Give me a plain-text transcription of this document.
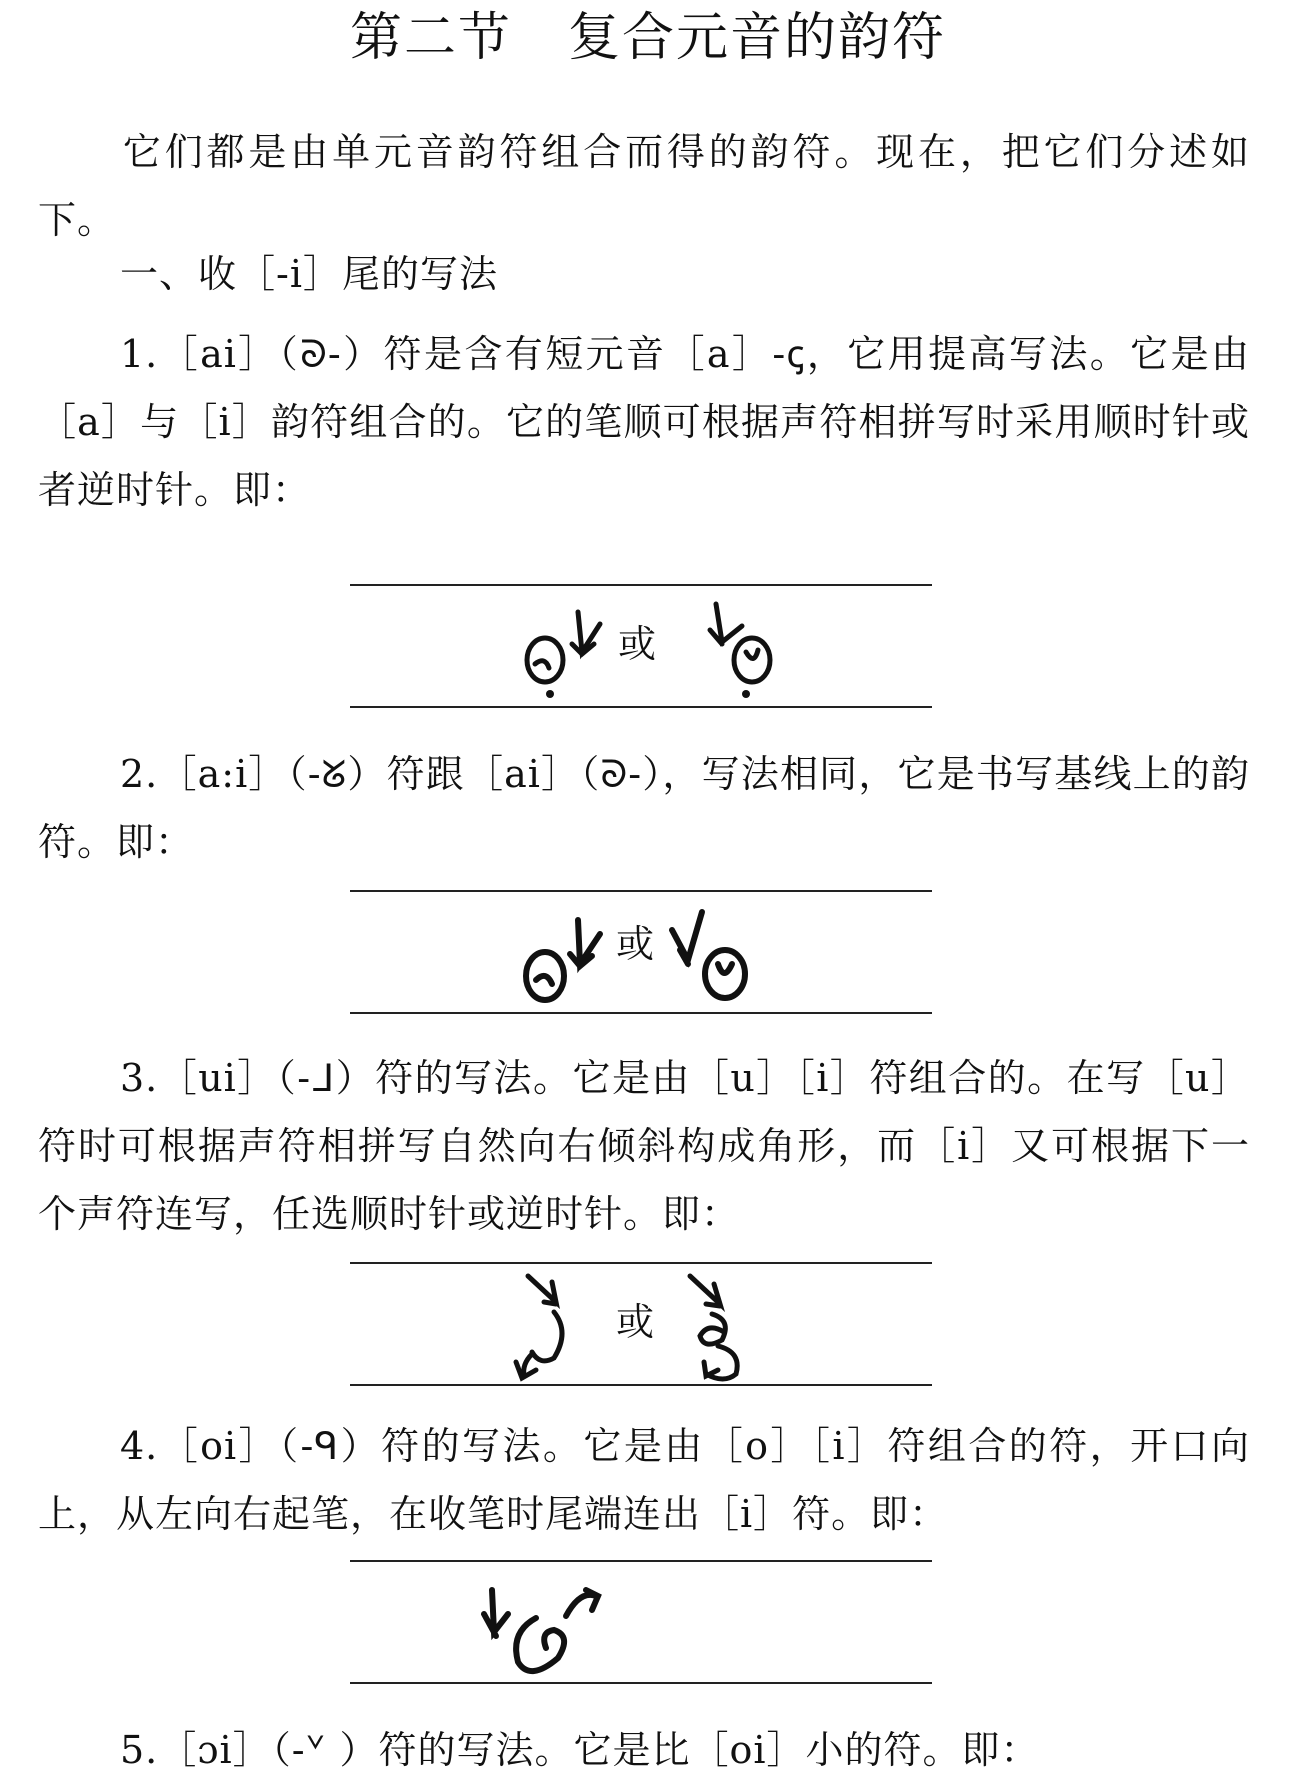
第二节 复合元音的韵符
它们都是由单元音韵符组合而得的韵符。现在，把它们分述如下。
一、收［-i］尾的写法
1.［ai］（ᘐ-）符是含有短元音［a］-ꞔ，它用提高写法。它是由［a］与［i］韵符组合的。它的笔顺可根据声符相拼写时采用顺时针或者逆时针。即：
或
2.［a:i］（-ᘜ）符跟［ai］（ᘐ-），写法相同，它是书写基线上的韵符。即：
或
3.［ui］（-ᒧ）符的写法。它是由［u］［i］符组合的。在写［u］符时可根据声符相拼写自然向右倾斜构成角形，而［i］又可根据下一个声符连写，任选顺时针或逆时针。即：
或
4.［oi］（-ᑫ）符的写法。它是由［o］［i］符组合的符，开口向上，从左向右起笔，在收笔时尾端连出［i］符。即：
5.［ɔi］（-ᘁ ）符的写法。它是比［oi］小的符。即：
